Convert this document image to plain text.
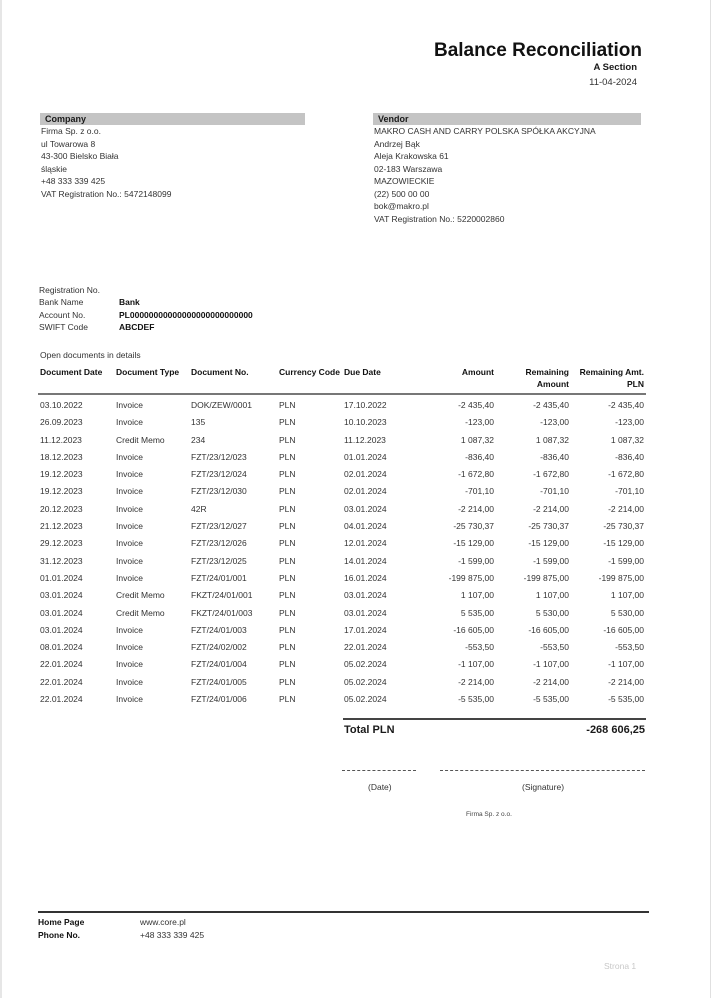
Balance Reconciliation
A Section
11-04-2024
Company
Firma Sp. z o.o.
ul Towarowa 8
43-300 Bielsko Biała
śląskie
+48 333 339 425
VAT Registration No.: 5472148099
Vendor
MAKRO CASH AND CARRY POLSKA SPÓŁKA AKCYJNA
Andrzej Bąk
Aleja Krakowska 61
02-183 Warszawa
MAZOWIECKIE
(22) 500 00 00
bok@makro.pl
VAT Registration No.: 5220002860
Registration No.
Bank Name	Bank
Account No.	PL00000000000000000000000000
SWIFT Code	ABCDEF
Open documents in details
Document Date	Document Type	Document No.	Currency Code	Due Date	Amount	Remaining Amount	Remaining Amt. PLN
03.10.2022	Invoice	DOK/ZEW/0001	PLN	17.10.2022	-2 435,40	-2 435,40	-2 435,40
26.09.2023	Invoice	135	PLN	10.10.2023	-123,00	-123,00	-123,00
11.12.2023	Credit Memo	234	PLN	11.12.2023	1 087,32	1 087,32	1 087,32
18.12.2023	Invoice	FZT/23/12/023	PLN	01.01.2024	-836,40	-836,40	-836,40
19.12.2023	Invoice	FZT/23/12/024	PLN	02.01.2024	-1 672,80	-1 672,80	-1 672,80
19.12.2023	Invoice	FZT/23/12/030	PLN	02.01.2024	-701,10	-701,10	-701,10
20.12.2023	Invoice	42R	PLN	03.01.2024	-2 214,00	-2 214,00	-2 214,00
21.12.2023	Invoice	FZT/23/12/027	PLN	04.01.2024	-25 730,37	-25 730,37	-25 730,37
29.12.2023	Invoice	FZT/23/12/026	PLN	12.01.2024	-15 129,00	-15 129,00	-15 129,00
31.12.2023	Invoice	FZT/23/12/025	PLN	14.01.2024	-1 599,00	-1 599,00	-1 599,00
01.01.2024	Invoice	FZT/24/01/001	PLN	16.01.2024	-199 875,00	-199 875,00	-199 875,00
03.01.2024	Credit Memo	FKZT/24/01/001	PLN	03.01.2024	1 107,00	1 107,00	1 107,00
03.01.2024	Credit Memo	FKZT/24/01/003	PLN	03.01.2024	5 535,00	5 530,00	5 530,00
03.01.2024	Invoice	FZT/24/01/003	PLN	17.01.2024	-16 605,00	-16 605,00	-16 605,00
08.01.2024	Invoice	FZT/24/02/002	PLN	22.01.2024	-553,50	-553,50	-553,50
22.01.2024	Invoice	FZT/24/01/004	PLN	05.02.2024	-1 107,00	-1 107,00	-1 107,00
22.01.2024	Invoice	FZT/24/01/005	PLN	05.02.2024	-2 214,00	-2 214,00	-2 214,00
22.01.2024	Invoice	FZT/24/01/006	PLN	05.02.2024	-5 535,00	-5 535,00	-5 535,00
Total PLN	-268 606,25
(Date)	(Signature)
Firma Sp. z o.o.
Home Page	www.core.pl
Phone No.	+48 333 339 425
Strona 1
